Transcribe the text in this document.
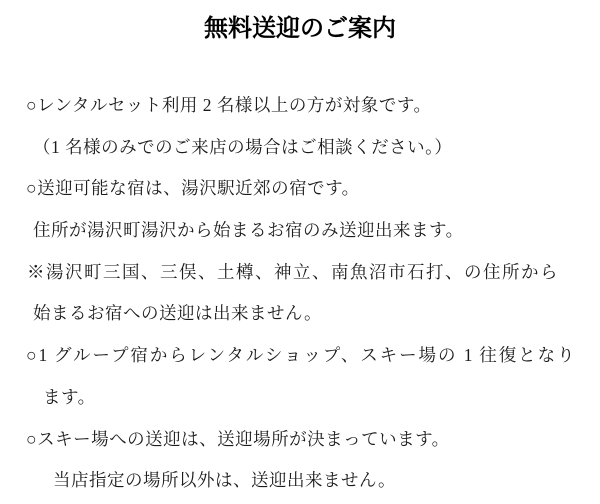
無料送迎のご案内
○レンタルセット利用 2 名様以上の方が対象です。
（1 名様のみでのご来店の場合はご相談ください。）
○送迎可能な宿は、湯沢駅近郊の宿です。
住所が湯沢町湯沢から始まるお宿のみ送迎出来ます。
※湯沢町三国、三俣、土樽、神立、南魚沼市石打、の住所から
始まるお宿への送迎は出来ません。
○1 グループ宿からレンタルショップ、スキー場の 1 往復となり
ます。
○スキー場への送迎は、送迎場所が決まっています。
当店指定の場所以外は、送迎出来ません。
